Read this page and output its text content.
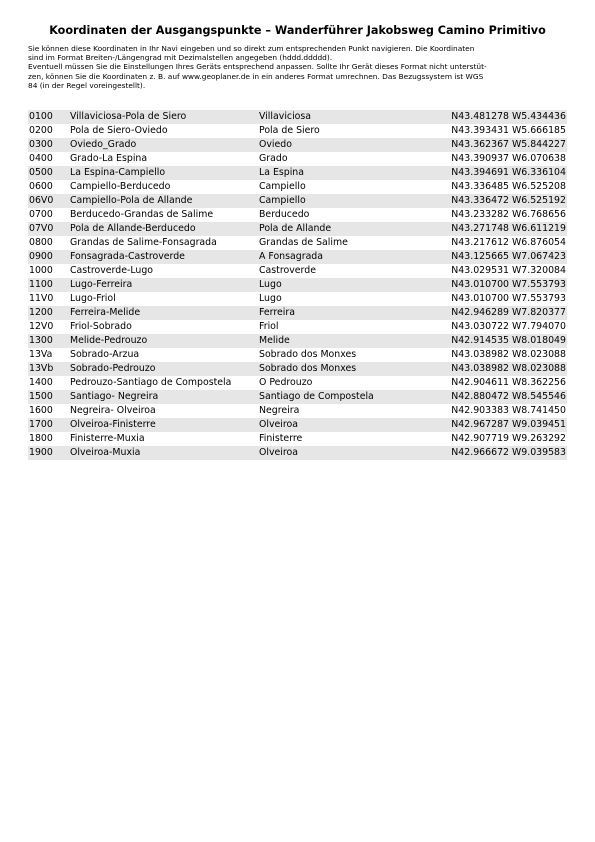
Koordinaten der Ausgangspunkte – Wanderführer Jakobsweg Camino Primitivo

Sie können diese Koordinaten in Ihr Navi eingeben und so direkt zum entsprechenden Punkt navigieren. Die Koordinaten
sind im Format Breiten-/Längengrad mit Dezimalstellen angegeben (hddd.ddddd).
Eventuell müssen Sie die Einstellungen Ihres Geräts entsprechend anpassen. Sollte Ihr Gerät dieses Format nicht unterstüt-
zen, können Sie die Koordinaten z. B. auf www.geoplaner.de in ein anderes Format umrechnen. Das Bezugssystem ist WGS
84 (in der Regel voreingestellt).

0100	Villaviciosa-Pola de Siero	Villaviciosa	N43.481278 W5.434436
0200	Pola de Siero-Oviedo	Pola de Siero	N43.393431 W5.666185
0300	Oviedo_Grado	Oviedo	N43.362367 W5.844227
0400	Grado-La Espina	Grado	N43.390937 W6.070638
0500	La Espina-Campiello	La Espina	N43.394691 W6.336104
0600	Campiello-Berducedo	Campiello	N43.336485 W6.525208
06V0	Campiello-Pola de Allande	Campiello	N43.336472 W6.525192
0700	Berducedo-Grandas de Salime	Berducedo	N43.233282 W6.768656
07V0	Pola de Allande-Berducedo	Pola de Allande	N43.271748 W6.611219
0800	Grandas de Salime-Fonsagrada	Grandas de Salime	N43.217612 W6.876054
0900	Fonsagrada-Castroverde	A Fonsagrada	N43.125665 W7.067423
1000	Castroverde-Lugo	Castroverde	N43.029531 W7.320084
1100	Lugo-Ferreira	Lugo	N43.010700 W7.553793
11V0	Lugo-Friol	Lugo	N43.010700 W7.553793
1200	Ferreira-Melide	Ferreira	N42.946289 W7.820377
12V0	Friol-Sobrado	Friol	N43.030722 W7.794070
1300	Melide-Pedrouzo	Melide	N42.914535 W8.018049
13Va	Sobrado-Arzua	Sobrado dos Monxes	N43.038982 W8.023088
13Vb	Sobrado-Pedrouzo	Sobrado dos Monxes	N43.038982 W8.023088
1400	Pedrouzo-Santiago de Compostela	O Pedrouzo	N42.904611 W8.362256
1500	Santiago- Negreira	Santiago de Compostela	N42.880472 W8.545546
1600	Negreira- Olveiroa	Negreira	N42.903383 W8.741450
1700	Olveiroa-Finisterre	Olveiroa	N42.967287 W9.039451
1800	Finisterre-Muxia	Finisterre	N42.907719 W9.263292
1900	Olveiroa-Muxia	Olveiroa	N42.966672 W9.039583
